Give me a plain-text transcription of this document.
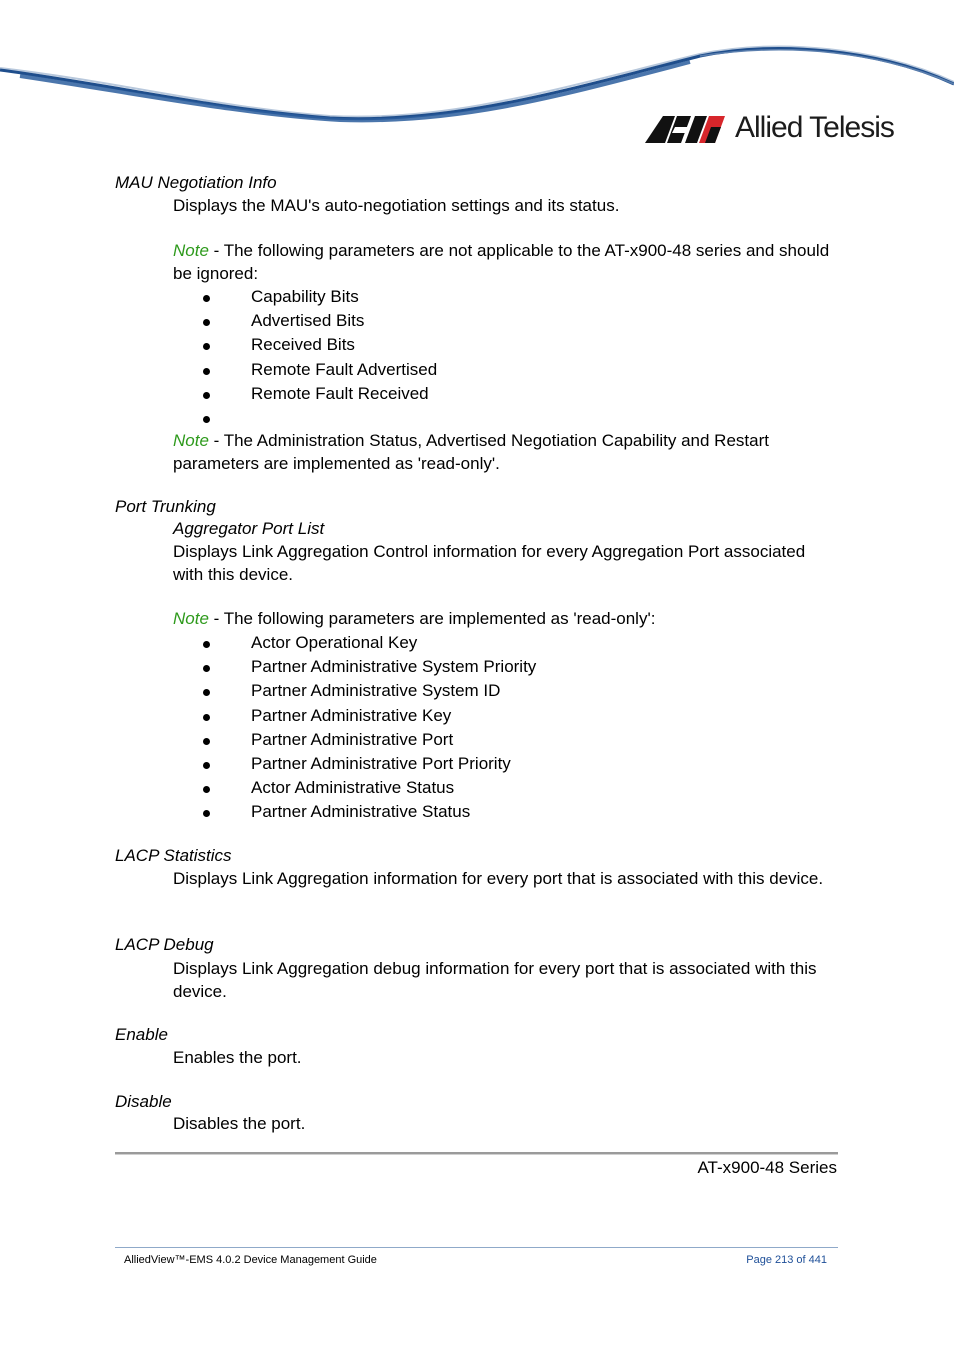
Allied Telesis
MAU Negotiation Info
Displays the MAU's auto-negotiation settings and its status.
Note - The following parameters are not applicable to the AT-x900-48 series and should be ignored:
Capability Bits
Advertised Bits
Received Bits
Remote Fault Advertised
Remote Fault Received
Note - The Administration Status, Advertised Negotiation Capability and Restart parameters are implemented as 'read-only'.
Port Trunking
Aggregator Port List
Displays Link Aggregation Control information for every Aggregation Port associated with this device.
Note - The following parameters are implemented as 'read-only':
Actor Operational Key
Partner Administrative System Priority
Partner Administrative System ID
Partner Administrative Key
Partner Administrative Port
Partner Administrative Port Priority
Actor Administrative Status
Partner Administrative Status
LACP Statistics
Displays Link Aggregation information for every port that is associated with this device.
LACP Debug
Displays Link Aggregation debug information for every port that is associated with this device.
Enable
Enables the port.
Disable
Disables the port.
AT-x900-48 Series
AlliedView™-EMS 4.0.2 Device Management Guide	Page 213 of 441
